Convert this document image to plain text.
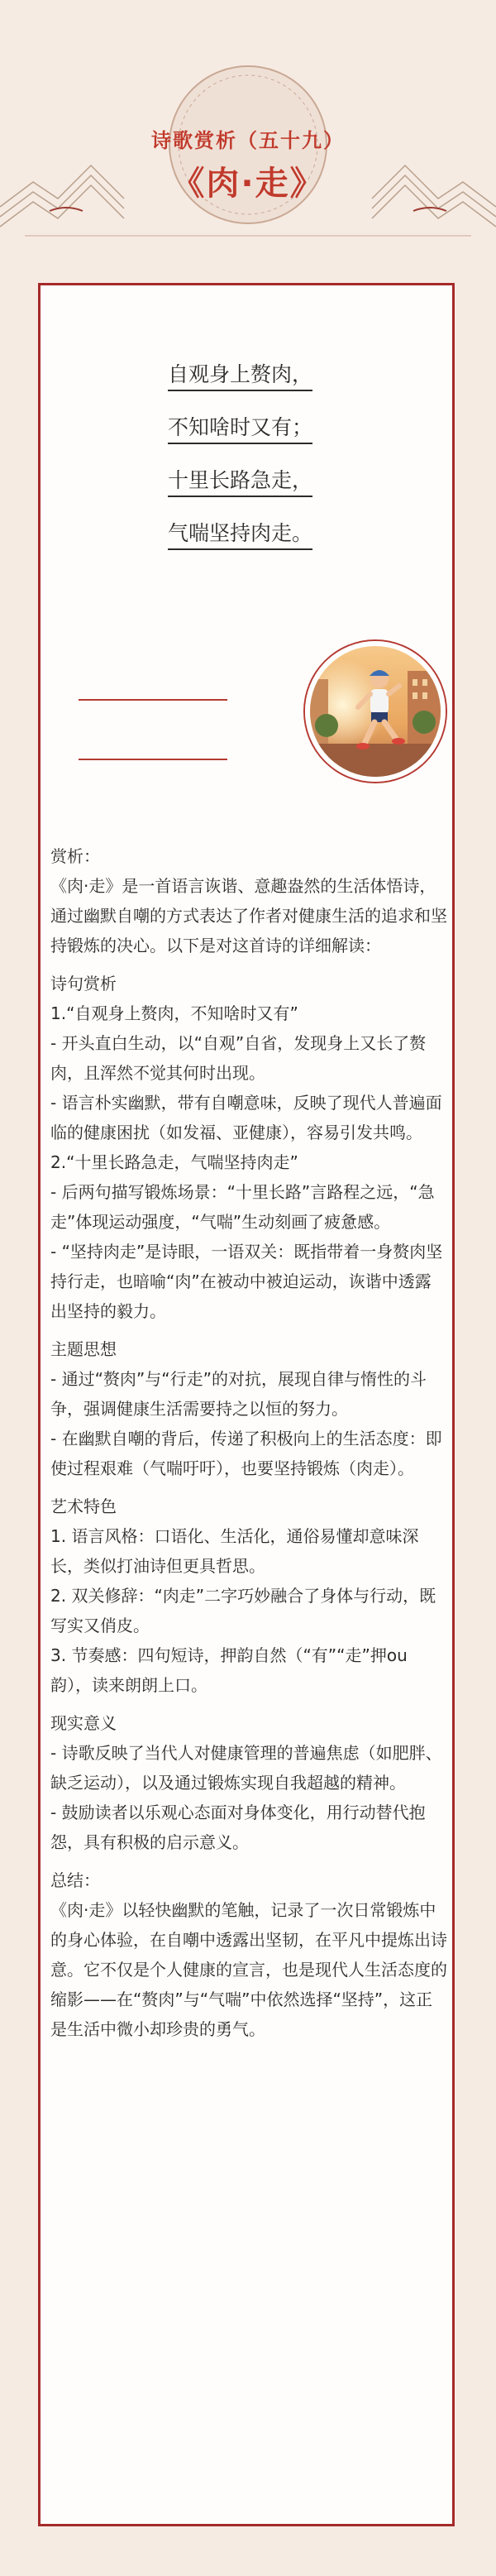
诗歌赏析（五十九）
《肉·走》
自观身上赘肉，
不知啥时又有；
十里长路急走，
气喘坚持肉走。

赏析：

《肉·走》是一首语言诙谐、意趣盎然的生活体悟诗，通过幽默自嘲的方式表达了作者对健康生活的追求和坚持锻炼的决心。以下是对这首诗的详细解读：

诗句赏析

1.“自观身上赘肉，不知啥时又有”

- 开头直白生动，以“自观”自省，发现身上又长了赘肉，且浑然不觉其何时出现。

- 语言朴实幽默，带有自嘲意味，反映了现代人普遍面临的健康困扰（如发福、亚健康），容易引发共鸣。

2.“十里长路急走，气喘坚持肉走”

- 后两句描写锻炼场景：“十里长路”言路程之远，“急走”体现运动强度，“气喘”生动刻画了疲惫感。

- “坚持肉走”是诗眼，一语双关：既指带着一身赘肉坚持行走，也暗喻“肉”在被动中被迫运动，诙谐中透露出坚持的毅力。

主题思想

- 通过“赘肉”与“行走”的对抗，展现自律与惰性的斗争，强调健康生活需要持之以恒的努力。

- 在幽默自嘲的背后，传递了积极向上的生活态度：即使过程艰难（气喘吁吁），也要坚持锻炼（肉走）。

艺术特色

1. 语言风格：口语化、生活化，通俗易懂却意味深长，类似打油诗但更具哲思。

2. 双关修辞：“肉走”二字巧妙融合了身体与行动，既写实又俏皮。

3. 节奏感：四句短诗，押韵自然（“有”“走”押ou韵），读来朗朗上口。

现实意义

- 诗歌反映了当代人对健康管理的普遍焦虑（如肥胖、缺乏运动），以及通过锻炼实现自我超越的精神。

- 鼓励读者以乐观心态面对身体变化，用行动替代抱怨，具有积极的启示意义。

总结：

《肉·走》以轻快幽默的笔触，记录了一次日常锻炼中的身心体验，在自嘲中透露出坚韧，在平凡中提炼出诗意。它不仅是个人健康的宣言，也是现代人生活态度的缩影——在“赘肉”与“气喘”中依然选择“坚持”，这正是生活中微小却珍贵的勇气。
